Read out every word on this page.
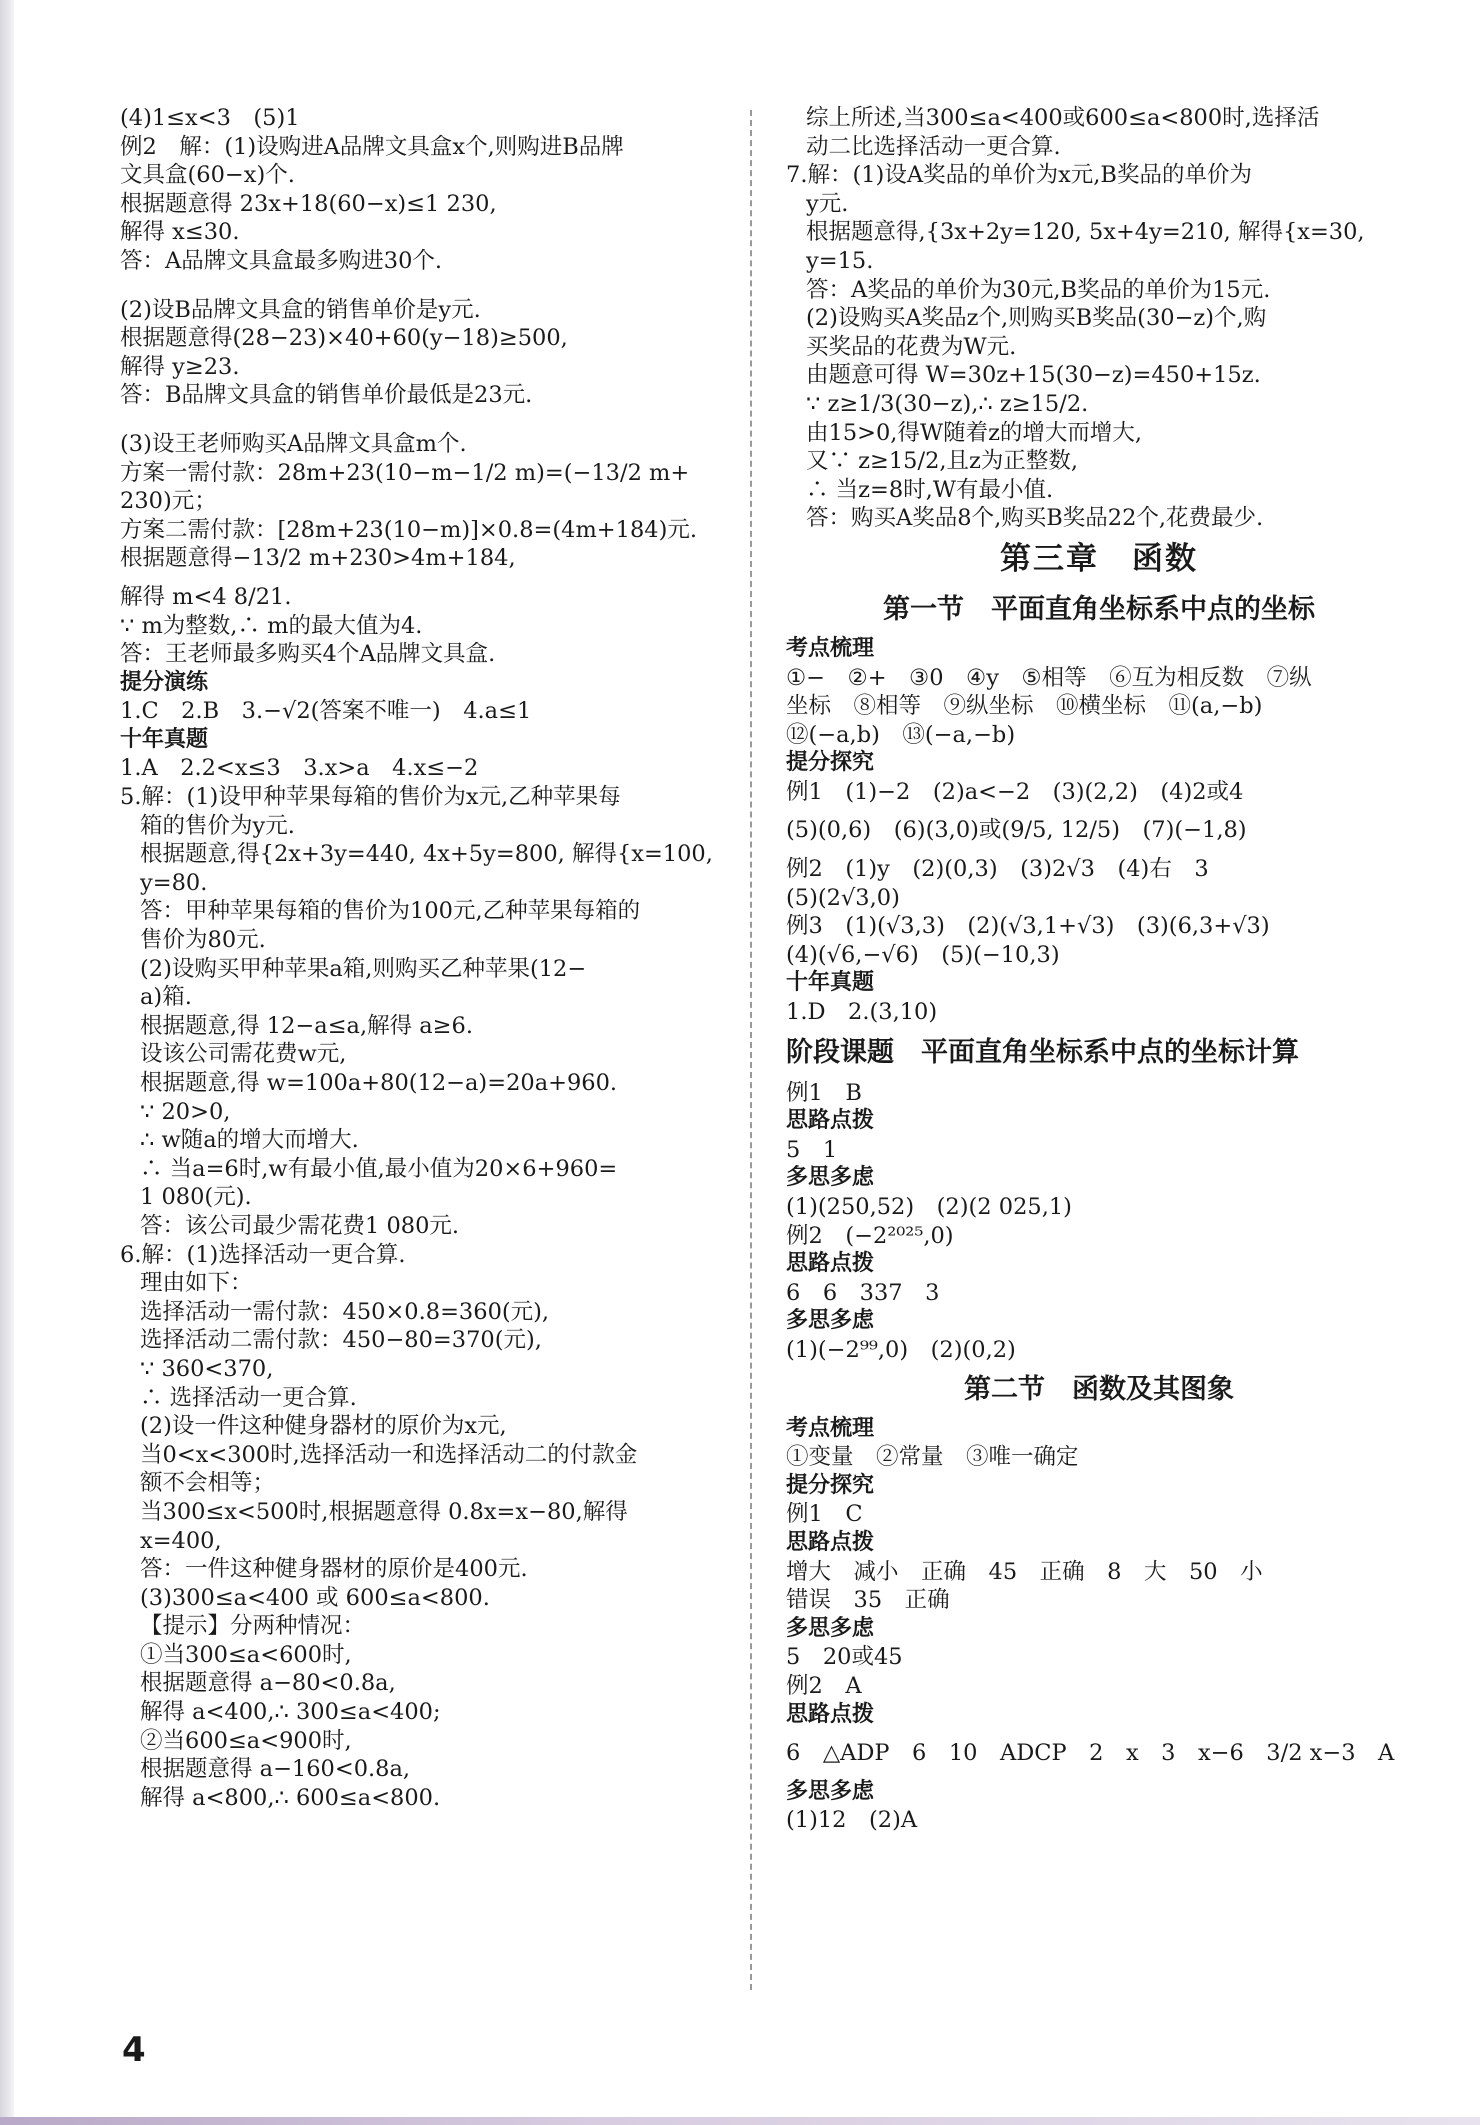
(4)1≤x<3　(5)1
例2　解：(1)设购进A品牌文具盒x个,则购进B品牌
文具盒(60−x)个.
根据题意得 23x+18(60−x)≤1 230,
解得 x≤30.
答：A品牌文具盒最多购进30个.
(2)设B品牌文具盒的销售单价是y元.
根据题意得(28−23)×40+60(y−18)≥500,
解得 y≥23.
答：B品牌文具盒的销售单价最低是23元.
(3)设王老师购买A品牌文具盒m个.
方案一需付款：28m+23(10−m−1/2 m)=(−13/2 m+
230)元；
方案二需付款：[28m+23(10−m)]×0.8=(4m+184)元.
根据题意得−13/2 m+230>4m+184,
解得 m<4 8/21.
∵ m为整数,∴ m的最大值为4.
答：王老师最多购买4个A品牌文具盒.
提分演练
1.C　2.B　3.−√2(答案不唯一)　4.a≤1
十年真题
1.A　2.2<x≤3　3.x>a　4.x≤−2
5.解：(1)设甲种苹果每箱的售价为x元,乙种苹果每
箱的售价为y元.
根据题意,得{2x+3y=440, 4x+5y=800, 解得{x=100, y=80.
答：甲种苹果每箱的售价为100元,乙种苹果每箱的
售价为80元.
(2)设购买甲种苹果a箱,则购买乙种苹果(12−
a)箱.
根据题意,得 12−a≤a,解得 a≥6.
设该公司需花费w元,
根据题意,得 w=100a+80(12−a)=20a+960.
∵ 20>0,
∴ w随a的增大而增大.
∴ 当a=6时,w有最小值,最小值为20×6+960=
1 080(元).
答：该公司最少需花费1 080元.
6.解：(1)选择活动一更合算.
理由如下：
选择活动一需付款：450×0.8=360(元),
选择活动二需付款：450−80=370(元),
∵ 360<370,
∴ 选择活动一更合算.
(2)设一件这种健身器材的原价为x元,
当0<x<300时,选择活动一和选择活动二的付款金
额不会相等；
当300≤x<500时,根据题意得 0.8x=x−80,解得
x=400,
答：一件这种健身器材的原价是400元.
(3)300≤a<400 或 600≤a<800.
【提示】分两种情况：
①当300≤a<600时,
根据题意得 a−80<0.8a,
解得 a<400,∴ 300≤a<400;
②当600≤a<900时,
根据题意得 a−160<0.8a,
解得 a<800,∴ 600≤a<800.
综上所述,当300≤a<400或600≤a<800时,选择活
动二比选择活动一更合算.
7.解：(1)设A奖品的单价为x元,B奖品的单价为
y元.
根据题意得,{3x+2y=120, 5x+4y=210, 解得{x=30, y=15.
答：A奖品的单价为30元,B奖品的单价为15元.
(2)设购买A奖品z个,则购买B奖品(30−z)个,购
买奖品的花费为W元.
由题意可得 W=30z+15(30−z)=450+15z.
∵ z≥1/3(30−z),∴ z≥15/2.
由15>0,得W随着z的增大而增大,
又∵ z≥15/2,且z为正整数,
∴ 当z=8时,W有最小值.
答：购买A奖品8个,购买B奖品22个,花费最少.
第三章　函数
第一节　平面直角坐标系中点的坐标
考点梳理
①−　②+　③0　④y　⑤相等　⑥互为相反数　⑦纵
坐标　⑧相等　⑨纵坐标　⑩横坐标　⑪(a,−b)
⑫(−a,b)　⑬(−a,−b)
提分探究
例1　(1)−2　(2)a<−2　(3)(2,2)　(4)2或4
(5)(0,6)　(6)(3,0)或(9/5, 12/5)　(7)(−1,8)
例2　(1)y　(2)(0,3)　(3)2√3　(4)右　3
(5)(2√3,0)
例3　(1)(√3,3)　(2)(√3,1+√3)　(3)(6,3+√3)
(4)(√6,−√6)　(5)(−10,3)
十年真题
1.D　2.(3,10)
阶段课题　平面直角坐标系中点的坐标计算
例1　B
思路点拨
5　1
多思多虑
(1)(250,52)　(2)(2 025,1)
例2　(−2²⁰²⁵,0)
思路点拨
6　6　337　3
多思多虑
(1)(−2⁹⁹,0)　(2)(0,2)
第二节　函数及其图象
考点梳理
①变量　②常量　③唯一确定
提分探究
例1　C
思路点拨
增大　减小　正确　45　正确　8　大　50　小
错误　35　正确
多思多虑
5　20或45
例2　A
思路点拨
6　△ADP　6　10　ADCP　2　x　3　x−6　3/2 x−3　A
多思多虑
(1)12　(2)A
4
